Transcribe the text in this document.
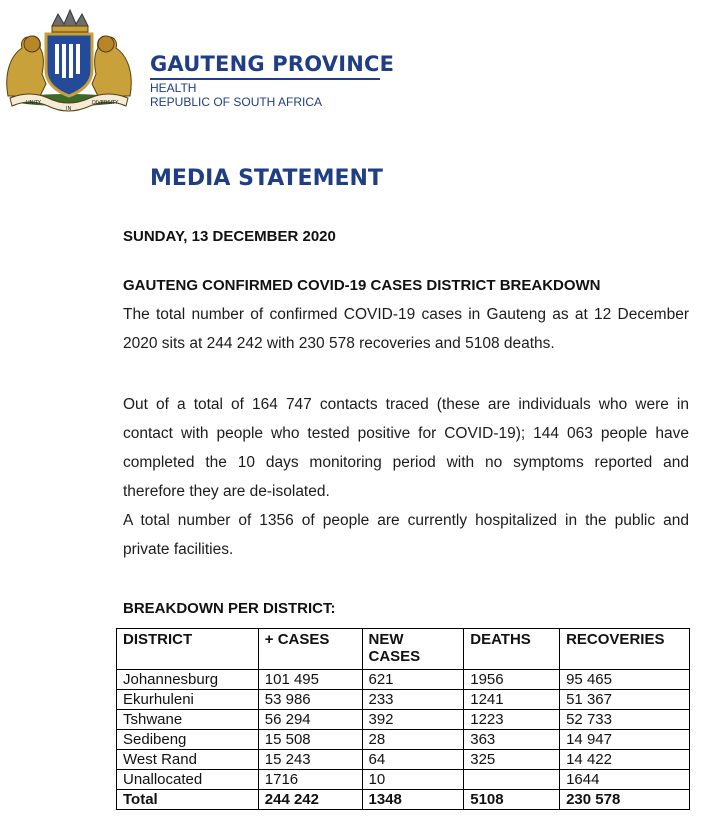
UNITY
IN
DIVERSITY
GAUTENG PROVINCE

HEALTH

REPUBLIC OF SOUTH AFRICA

MEDIA STATEMENT

SUNDAY, 13 DECEMBER 2020

GAUTENG CONFIRMED COVID-19 CASES DISTRICT BREAKDOWN

The total number of confirmed COVID-19 cases in Gauteng as at 12 December 2020 sits at 244 242 with 230 578 recoveries and 5108 deaths.

Out of a total of 164 747 contacts traced (these are individuals who were in contact with people who tested positive for COVID-19); 144 063 people have completed the 10 days monitoring period with no symptoms reported and therefore they are de-isolated.

A total number of 1356 of people are currently hospitalized in the public and private facilities.

BREAKDOWN PER DISTRICT:

DISTRICT	+ CASES	NEW CASES	DEATHS	RECOVERIES
Johannesburg	101 495	621	1956	95 465
Ekurhuleni	53 986	233	1241	51 367
Tshwane	56 294	392	1223	52 733
Sedibeng	15 508	28	363	14 947
West Rand	15 243	64	325	14 422
Unallocated	1716	10		1644
Total	244 242	1348	5108	230 578
